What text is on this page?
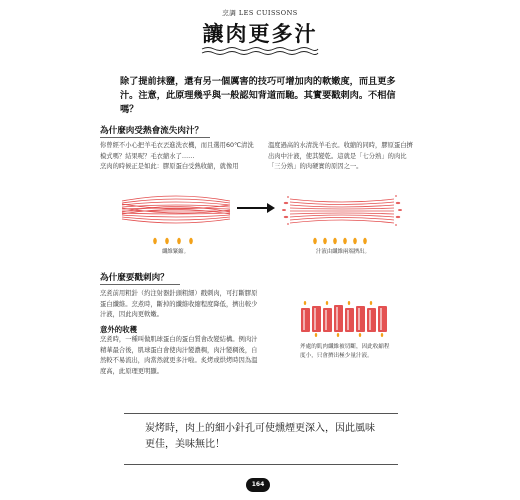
烹調 LES CUISSONS
讓肉更多汁
除了提前抹鹽，還有另一個厲害的技巧可增加肉的軟嫩度，而且更多汁。注意，此原理幾乎與一般認知背道而馳。其實要戳刺肉。不相信嗎？
為什麼肉受熱會流失肉汁？

你曾經不小心把羊毛衣丟進洗衣機，而且選用60℃清洗模式嗎？結果呢？毛衣縮水了……

烹肉的時候正是如此：膠原蛋白受熱收縮，就像用

溫度過高的水清洗羊毛衣。收縮的同時，膠原蛋白擠出肉中汁液，使其變乾。這就是「七分熟」的肉比「三分熟」的肉硬實的原因之一。
纖維緊縮。	汁液由纖維兩端擠出。
為什麼要戳刺肉？
烹煮前用粗針（約注射器針頭粗細）戳刺肉，可打斷膠原蛋白纖維。烹煮時，斷掉的纖維收縮程度降低，擠出較少汁液，因此肉更軟嫩。
意外的收穫
烹煮時，一種叫做肌球蛋白的蛋白質會改變結構。例肉汁精華最合後，肌球蛋白會使肉汁變濃稠，肉汁變稠後，自然較不易流出，肉當然就更多汁啦。炙烤或烘烤時因為溫度高，此原理更明顯。
斧處的肌肉纖維被切斷，因此收縮程度小，只會擠出極少量汁液。
炭烤時，肉上的細小針孔可使燻煙更深入，因此風味更佳，美味無比！
164
